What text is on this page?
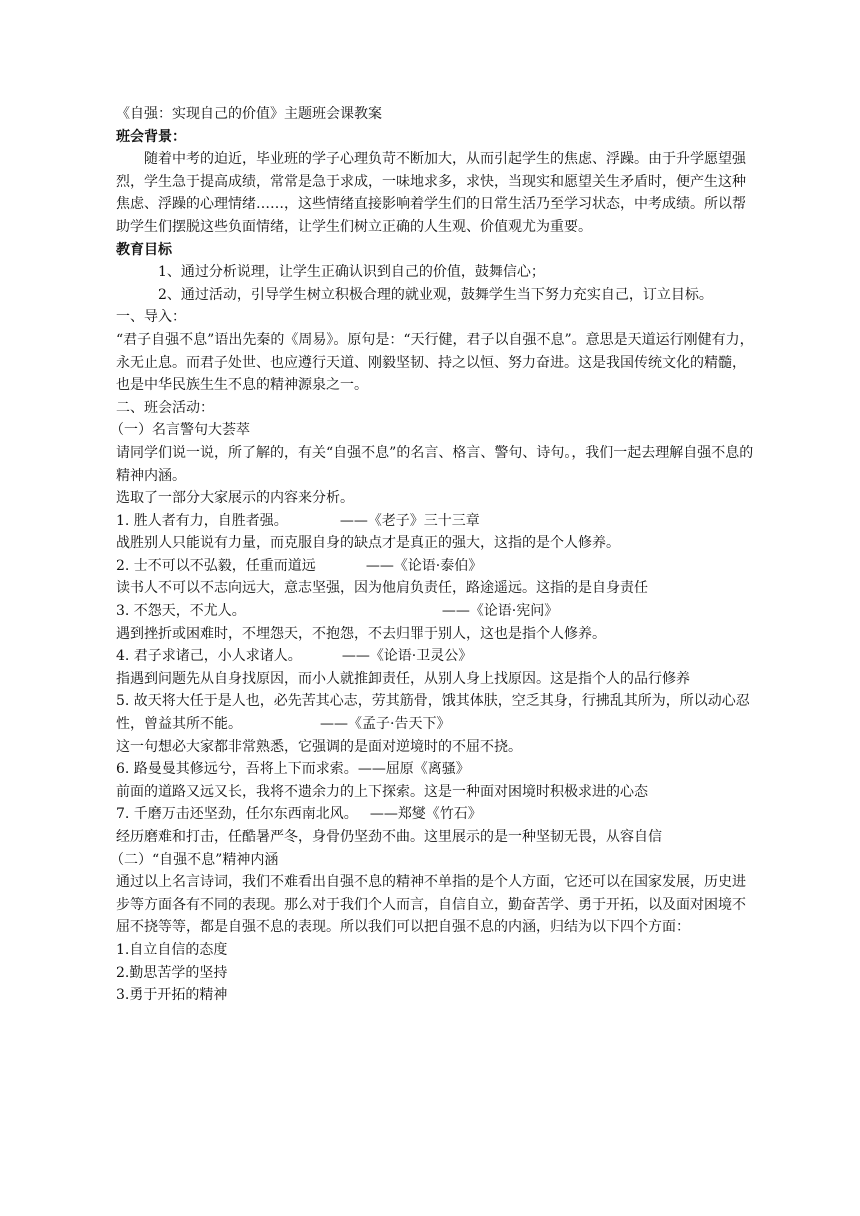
《自强：实现自己的价值》主题班会课教案
班会背景：
随着中考的迫近，毕业班的学子心理负苛不断加大，从而引起学生的焦虑、浮躁。由于升学愿望强烈，学生急于提高成绩，常常是急于求成，一味地求多，求快，当现实和愿望关生矛盾时，便产生这种焦虑、浮躁的心理情绪……，这些情绪直接影响着学生们的日常生活乃至学习状态，中考成绩。所以帮助学生们摆脱这些负面情绪，让学生们树立正确的人生观、价值观尤为重要。
教育目标
1、通过分析说理，让学生正确认识到自己的价值，鼓舞信心；
2、通过活动，引导学生树立积极合理的就业观，鼓舞学生当下努力充实自己，订立目标。
一、导入：
“君子自强不息”语出先秦的《周易》。原句是：“天行健，君子以自强不息”。意思是天道运行刚健有力，永无止息。而君子处世、也应遵行天道、刚毅坚韧、持之以恒、努力奋进。这是我国传统文化的精髓，也是中华民族生生不息的精神源泉之一。
二、班会活动：
（一）名言警句大荟萃
请同学们说一说，所了解的，有关“自强不息”的名言、格言、警句、诗句。，我们一起去理解自强不息的精神内涵。
选取了一部分大家展示的内容来分析。
1. 胜人者有力，自胜者强。	——《老子》三十三章
战胜别人只能说有力量，而克服自身的缺点才是真正的强大，这指的是个人修养。
2. 士不可以不弘毅，任重而道远	——《论语·泰伯》
读书人不可以不志向远大，意志坚强，因为他肩负责任，路途遥远。这指的是自身责任
3. 不怨天，不尤人。	——《论语·宪问》
遇到挫折或困难时，不埋怨天，不抱怨，不去归罪于别人，这也是指个人修养。
4. 君子求诸己，小人求诸人。	——《论语·卫灵公》
指遇到问题先从自身找原因，而小人就推卸责任，从别人身上找原因。这是指个人的品行修养
5. 故天将大任于是人也，必先苦其心志，劳其筋骨，饿其体肤，空乏其身，行拂乱其所为，所以动心忍性，曾益其所不能。	——《孟子·告天下》
这一句想必大家都非常熟悉，它强调的是面对逆境时的不屈不挠。
6. 路曼曼其修远兮，吾将上下而求索。——屈原《离骚》
前面的道路又远又长，我将不遗余力的上下探索。这是一种面对困境时积极求进的心态
7. 千磨万击还坚劲，任尔东西南北风。 ——郑燮《竹石》
经历磨难和打击，任酷暑严冬，身骨仍坚劲不曲。这里展示的是一种坚韧无畏，从容自信
（二）“自强不息”精神内涵
通过以上名言诗词，我们不难看出自强不息的精神不单指的是个人方面，它还可以在国家发展，历史进步等方面各有不同的表现。那么对于我们个人而言，自信自立，勤奋苦学、勇于开拓，以及面对困境不屈不挠等等，都是自强不息的表现。所以我们可以把自强不息的内涵，归结为以下四个方面：
1.自立自信的态度
2.勤思苦学的坚持
3.勇于开拓的精神
